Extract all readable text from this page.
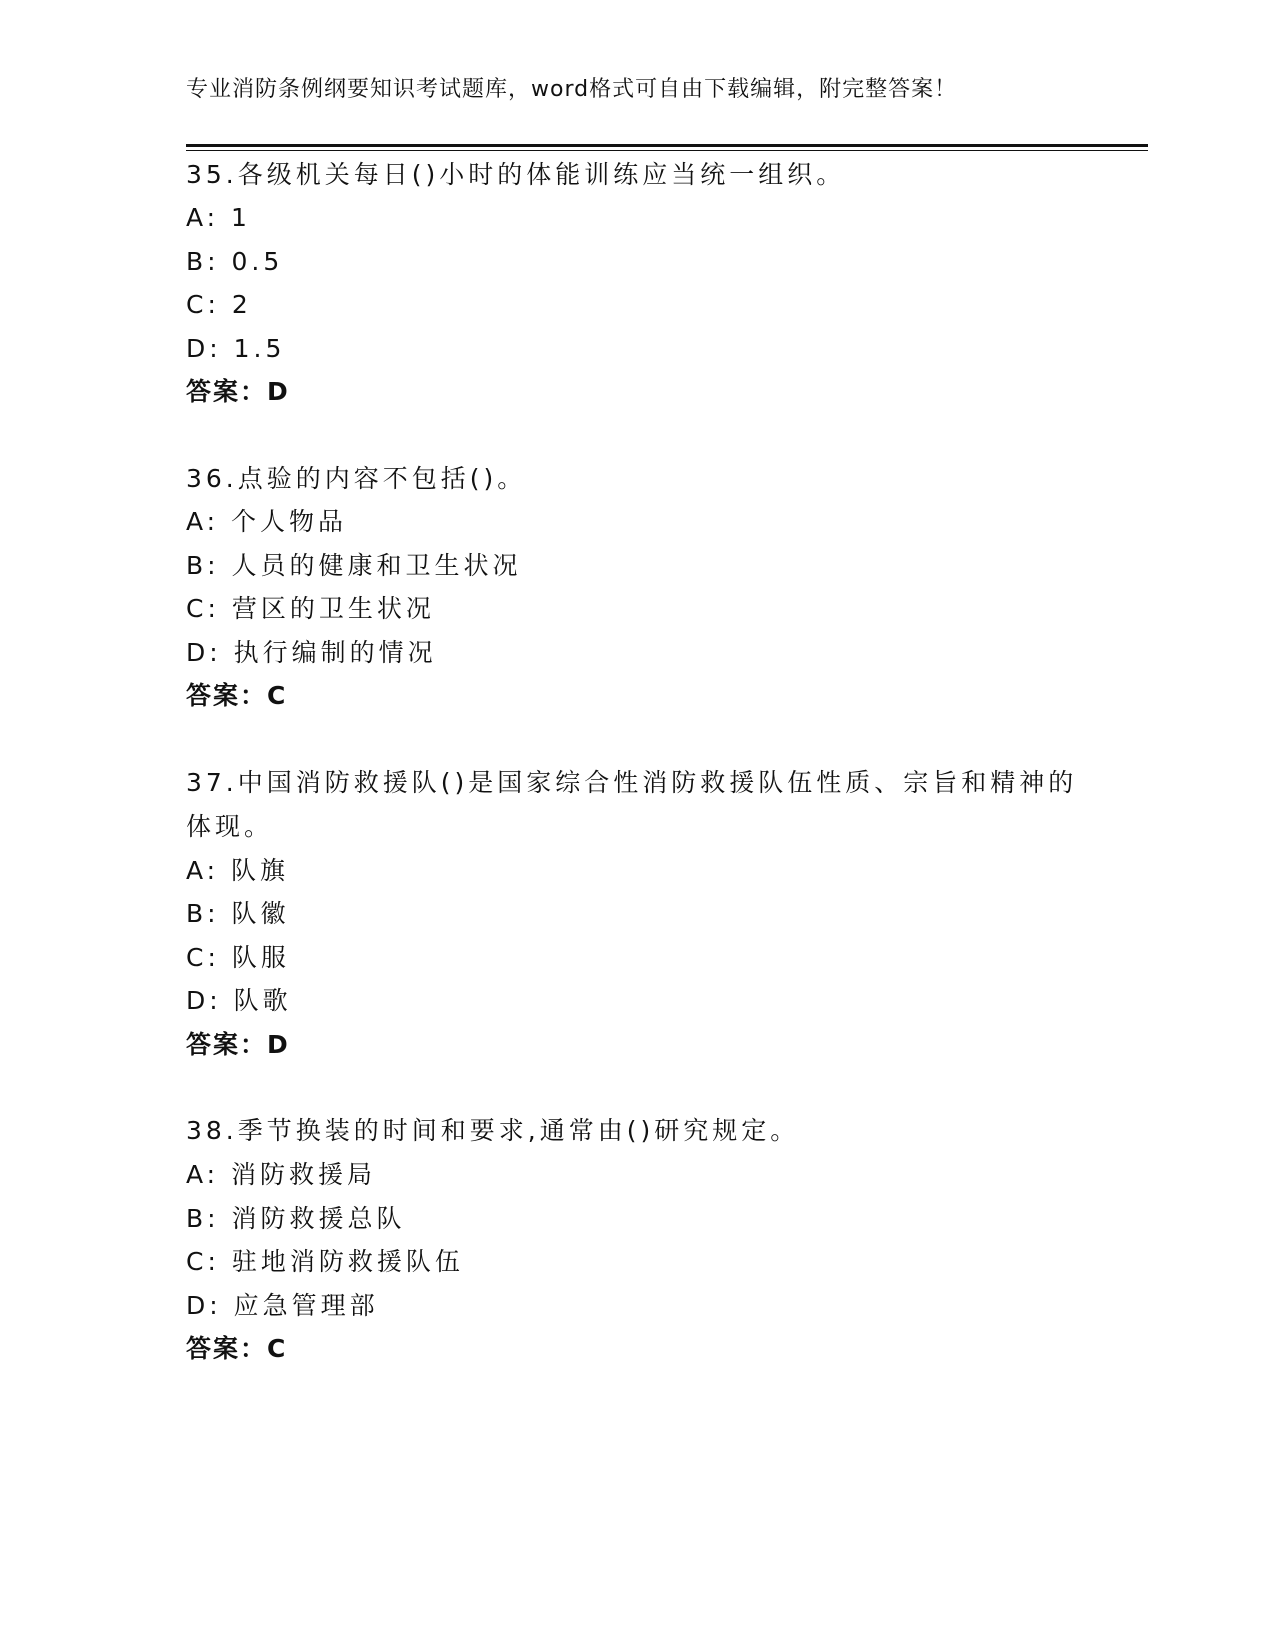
专业消防条例纲要知识考试题库，word格式可自由下载编辑，附完整答案！
35.各级机关每日()小时的体能训练应当统一组织。
A: 1
B: 0.5
C: 2
D: 1.5
答案：D
36.点验的内容不包括()。
A: 个人物品
B: 人员的健康和卫生状况
C: 营区的卫生状况
D: 执行编制的情况
答案：C
37.中国消防救援队()是国家综合性消防救援队伍性质、宗旨和精神的
体现。
A: 队旗
B: 队徽
C: 队服
D: 队歌
答案：D
38.季节换装的时间和要求,通常由()研究规定。
A: 消防救援局
B: 消防救援总队
C: 驻地消防救援队伍
D: 应急管理部
答案：C
